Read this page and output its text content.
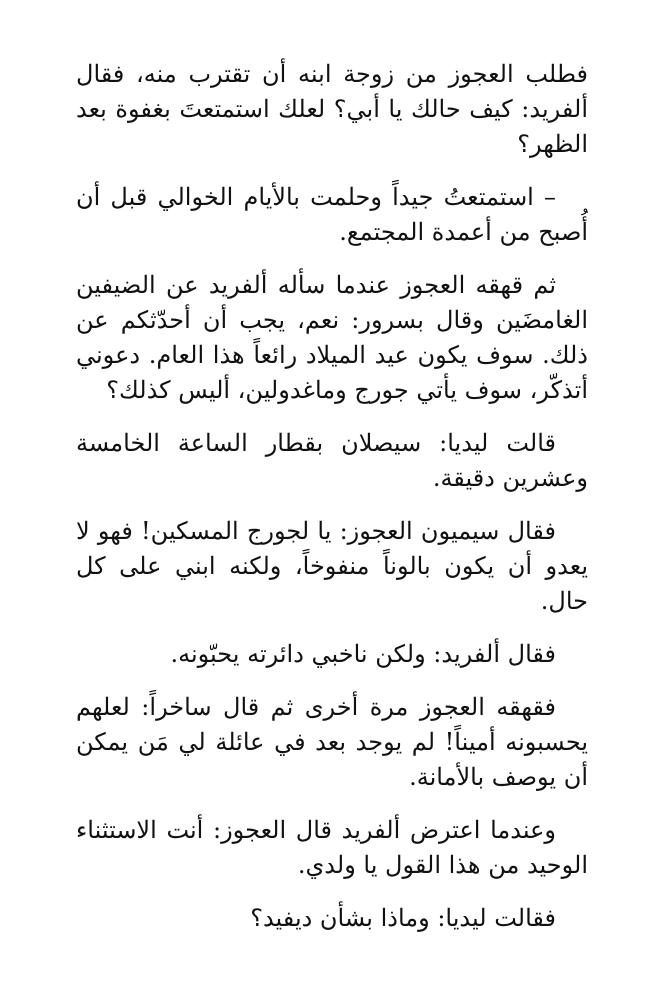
فطلب العجوز من زوجة ابنه أن تقترب منه، فقال ألفريد: كيف حالك يا أبي؟ لعلك استمتعتَ بغفوة بعد الظهر؟

– استمتعتُ جيداً وحلمت بالأيام الخوالي قبل أن أُصبح من أعمدة المجتمع.

ثم قهقه العجوز عندما سأله ألفريد عن الضيفين الغامضَين وقال بسرور: نعم، يجب أن أحدّثكم عن ذلك. سوف يكون عيد الميلاد رائعاً هذا العام. دعوني أتذكّر، سوف يأتي جورج وماغدولين، أليس كذلك؟

قالت ليديا: سيصلان بقطار الساعة الخامسة وعشرين دقيقة.

فقال سيميون العجوز: يا لجورج المسكين! فهو لا يعدو أن يكون بالوناً منفوخاً، ولكنه ابني على كل حال.

فقال ألفريد: ولكن ناخبي دائرته يحبّونه.

فقهقه العجوز مرة أخرى ثم قال ساخراً: لعلهم يحسبونه أميناً! لم يوجد بعد في عائلة لي مَن يمكن أن يوصف بالأمانة.

وعندما اعترض ألفريد قال العجوز: أنت الاستثناء الوحيد من هذا القول يا ولدي.

فقالت ليديا: وماذا بشأن ديفيد؟
